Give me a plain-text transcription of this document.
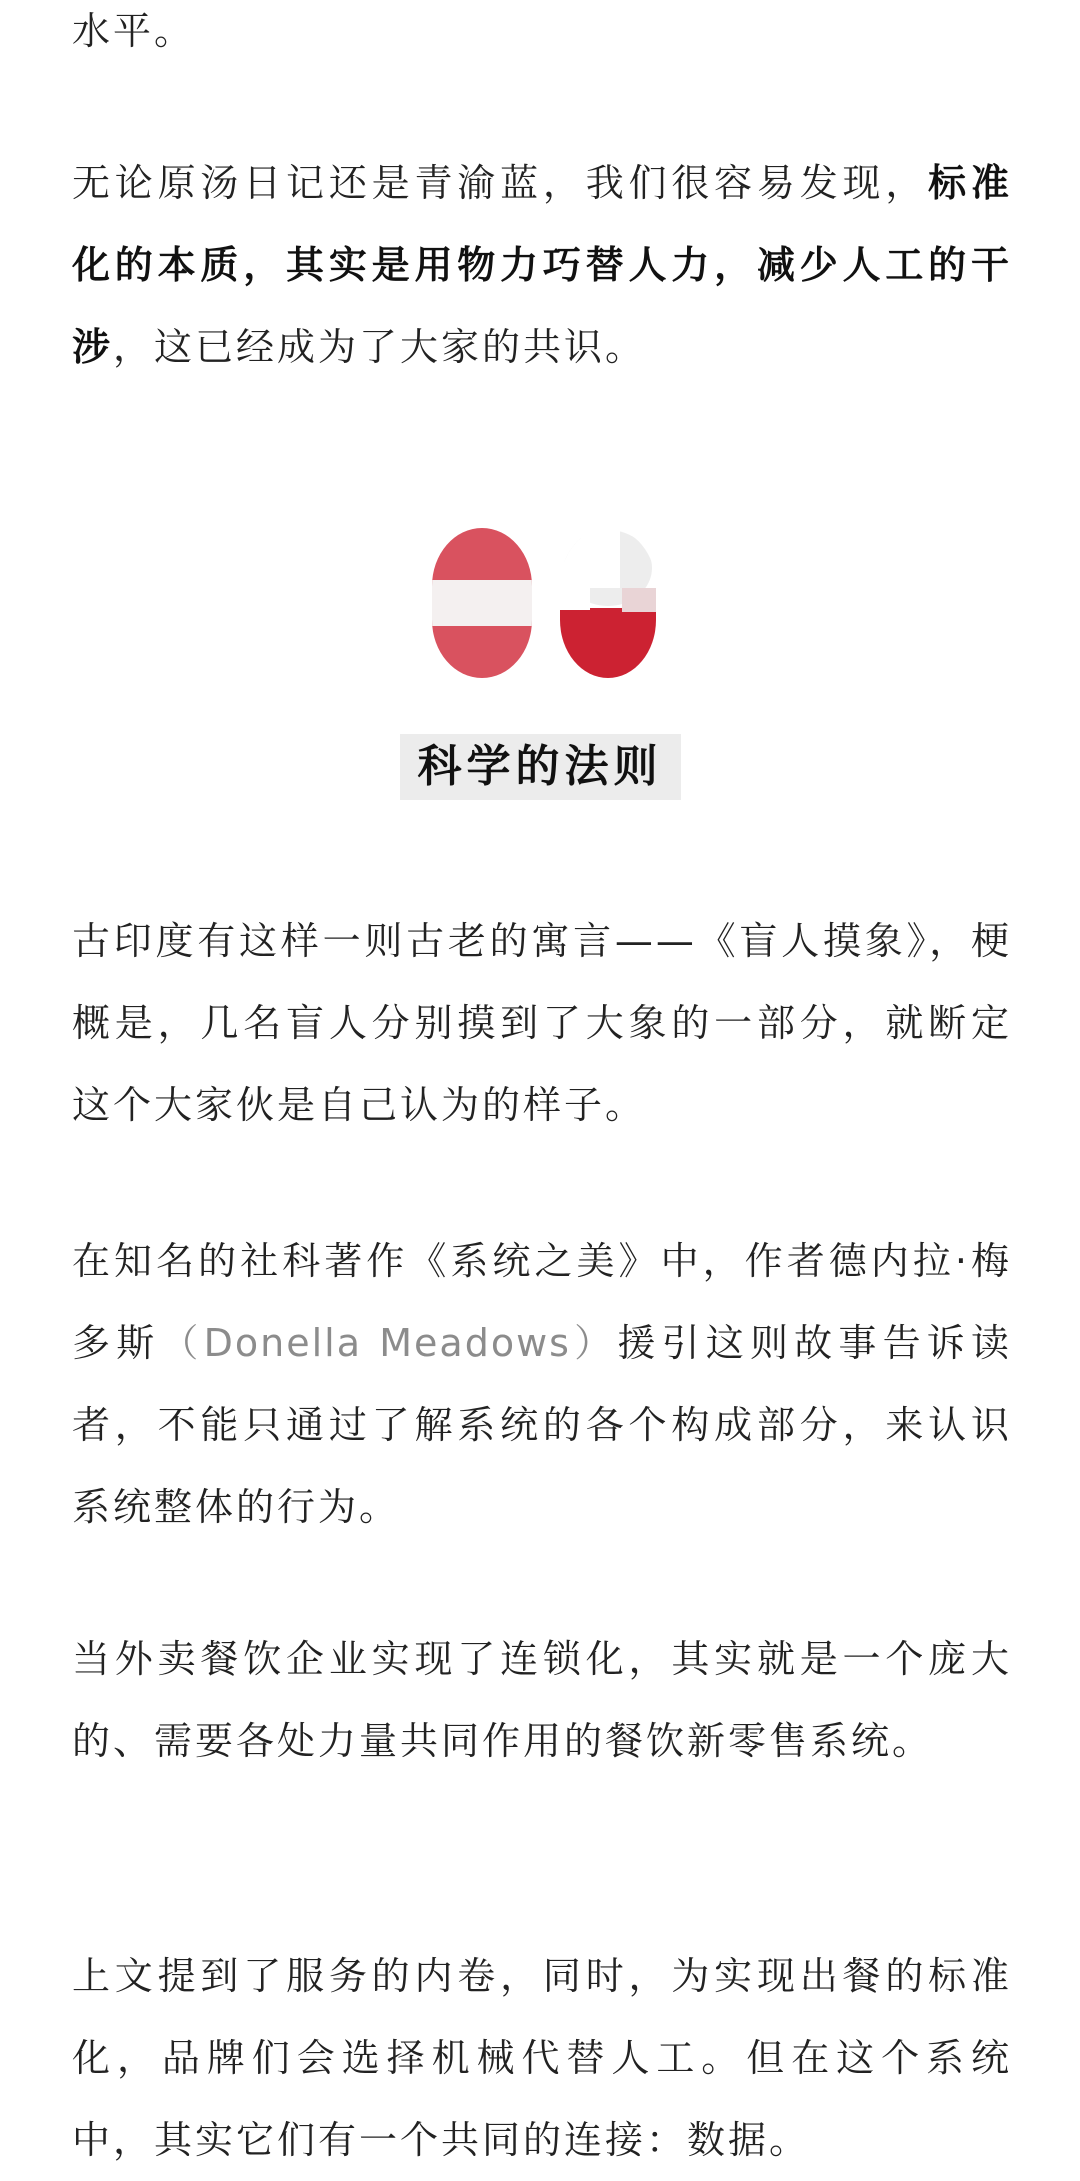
水平。
无论原汤日记还是青渝蓝，我们很容易发现，标准化的本质，其实是用物力巧替人力，减少人工的干涉，这已经成为了大家的共识。
科学的法则
古印度有这样一则古老的寓言——《盲人摸象》，梗概是，几名盲人分别摸到了大象的一部分，就断定这个大家伙是自己认为的样子。
在知名的社科著作《系统之美》中，作者德内拉·梅多斯（Donella Meadows）援引这则故事告诉读者，不能只通过了解系统的各个构成部分，来认识系统整体的行为。
当外卖餐饮企业实现了连锁化，其实就是一个庞大的、需要各处力量共同作用的餐饮新零售系统。
上文提到了服务的内卷，同时，为实现出餐的标准化，品牌们会选择机械代替人工。但在这个系统中，其实它们有一个共同的连接：数据。
